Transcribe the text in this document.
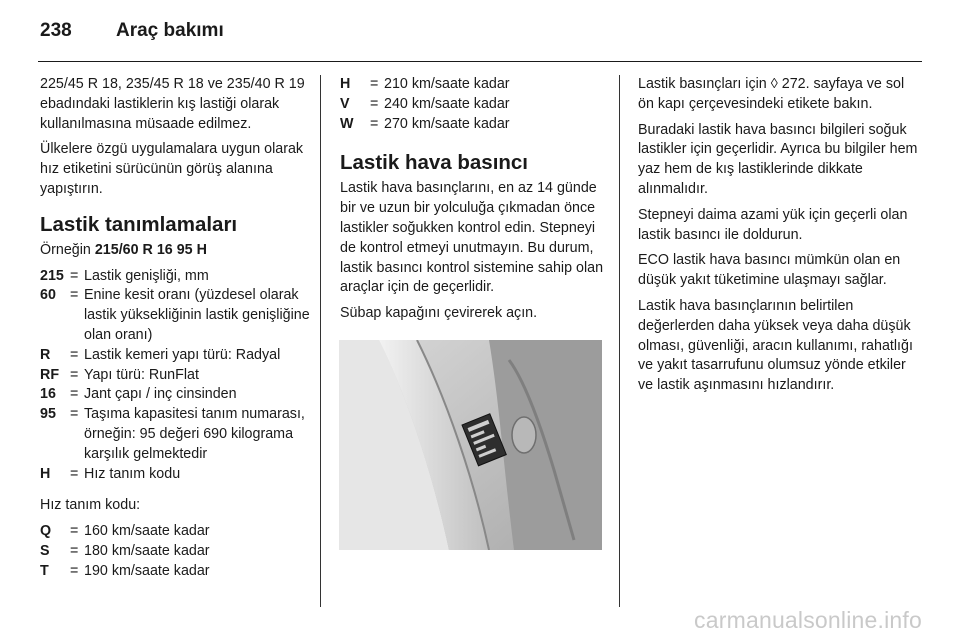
238	Araç bakımı

225/45 R 18, 235/45 R 18 ve 235/40 R 19 ebadındaki lastiklerin kış lastiği olarak kullanılmasına müsaade edilmez.

Ülkelere özgü uygulamalara uygun olarak hız etiketini sürücünün görüş alanına yapıştırın.

Lastik tanımlamaları

Örneğin 215/60 R 16 95 H

215 = Lastik genişliği, mm
60 = Enine kesit oranı (yüzdesel olarak lastik yüksekliğinin lastik genişliğine olan oranı)
R	= Lastik kemeri yapı türü: Radyal
RF = Yapı türü: RunFlat
16 = Jant çapı / inç cinsinden
95 = Taşıma kapasitesi tanım numarası, örneğin: 95 değeri 690 kilograma karşılık gelmektedir
H	= Hız tanım kodu

Hız tanım kodu:

Q	= 160 km/saate kadar
S	= 180 km/saate kadar
T	= 190 km/saate kadar
H	= 210 km/saate kadar
V	= 240 km/saate kadar
W	= 270 km/saate kadar
Lastik hava basıncı

Lastik hava basınçlarını, en az 14 günde bir ve uzun bir yolculuğa çıkmadan önce lastikler soğukken kontrol edin. Stepneyi de kontrol etmeyi unutmayın. Bu durum, lastik basıncı kontrol sistemine sahip olan araçlar için de geçerlidir.

Sübap kapağını çevirerek açın.

Lastik basınçları için ◊ 272. sayfaya ve sol ön kapı çerçevesindeki etikete bakın.

Buradaki lastik hava basıncı bilgileri soğuk lastikler için geçerlidir. Ayrıca bu bilgiler hem yaz hem de kış lastiklerinde dikkate alınmalıdır.

Stepneyi daima azami yük için geçerli olan lastik basıncı ile doldurun.

ECO lastik hava basıncı mümkün olan en düşük yakıt tüketimine ulaşmayı sağlar.

Lastik hava basınçlarının belirtilen değerlerden daha yüksek veya daha düşük olması, güvenliği, aracın kullanımı, rahatlığı ve yakıt tasarrufunu olumsuz yönde etkiler ve lastik aşınmasını hızlandırır.

carmanualsonline.info
